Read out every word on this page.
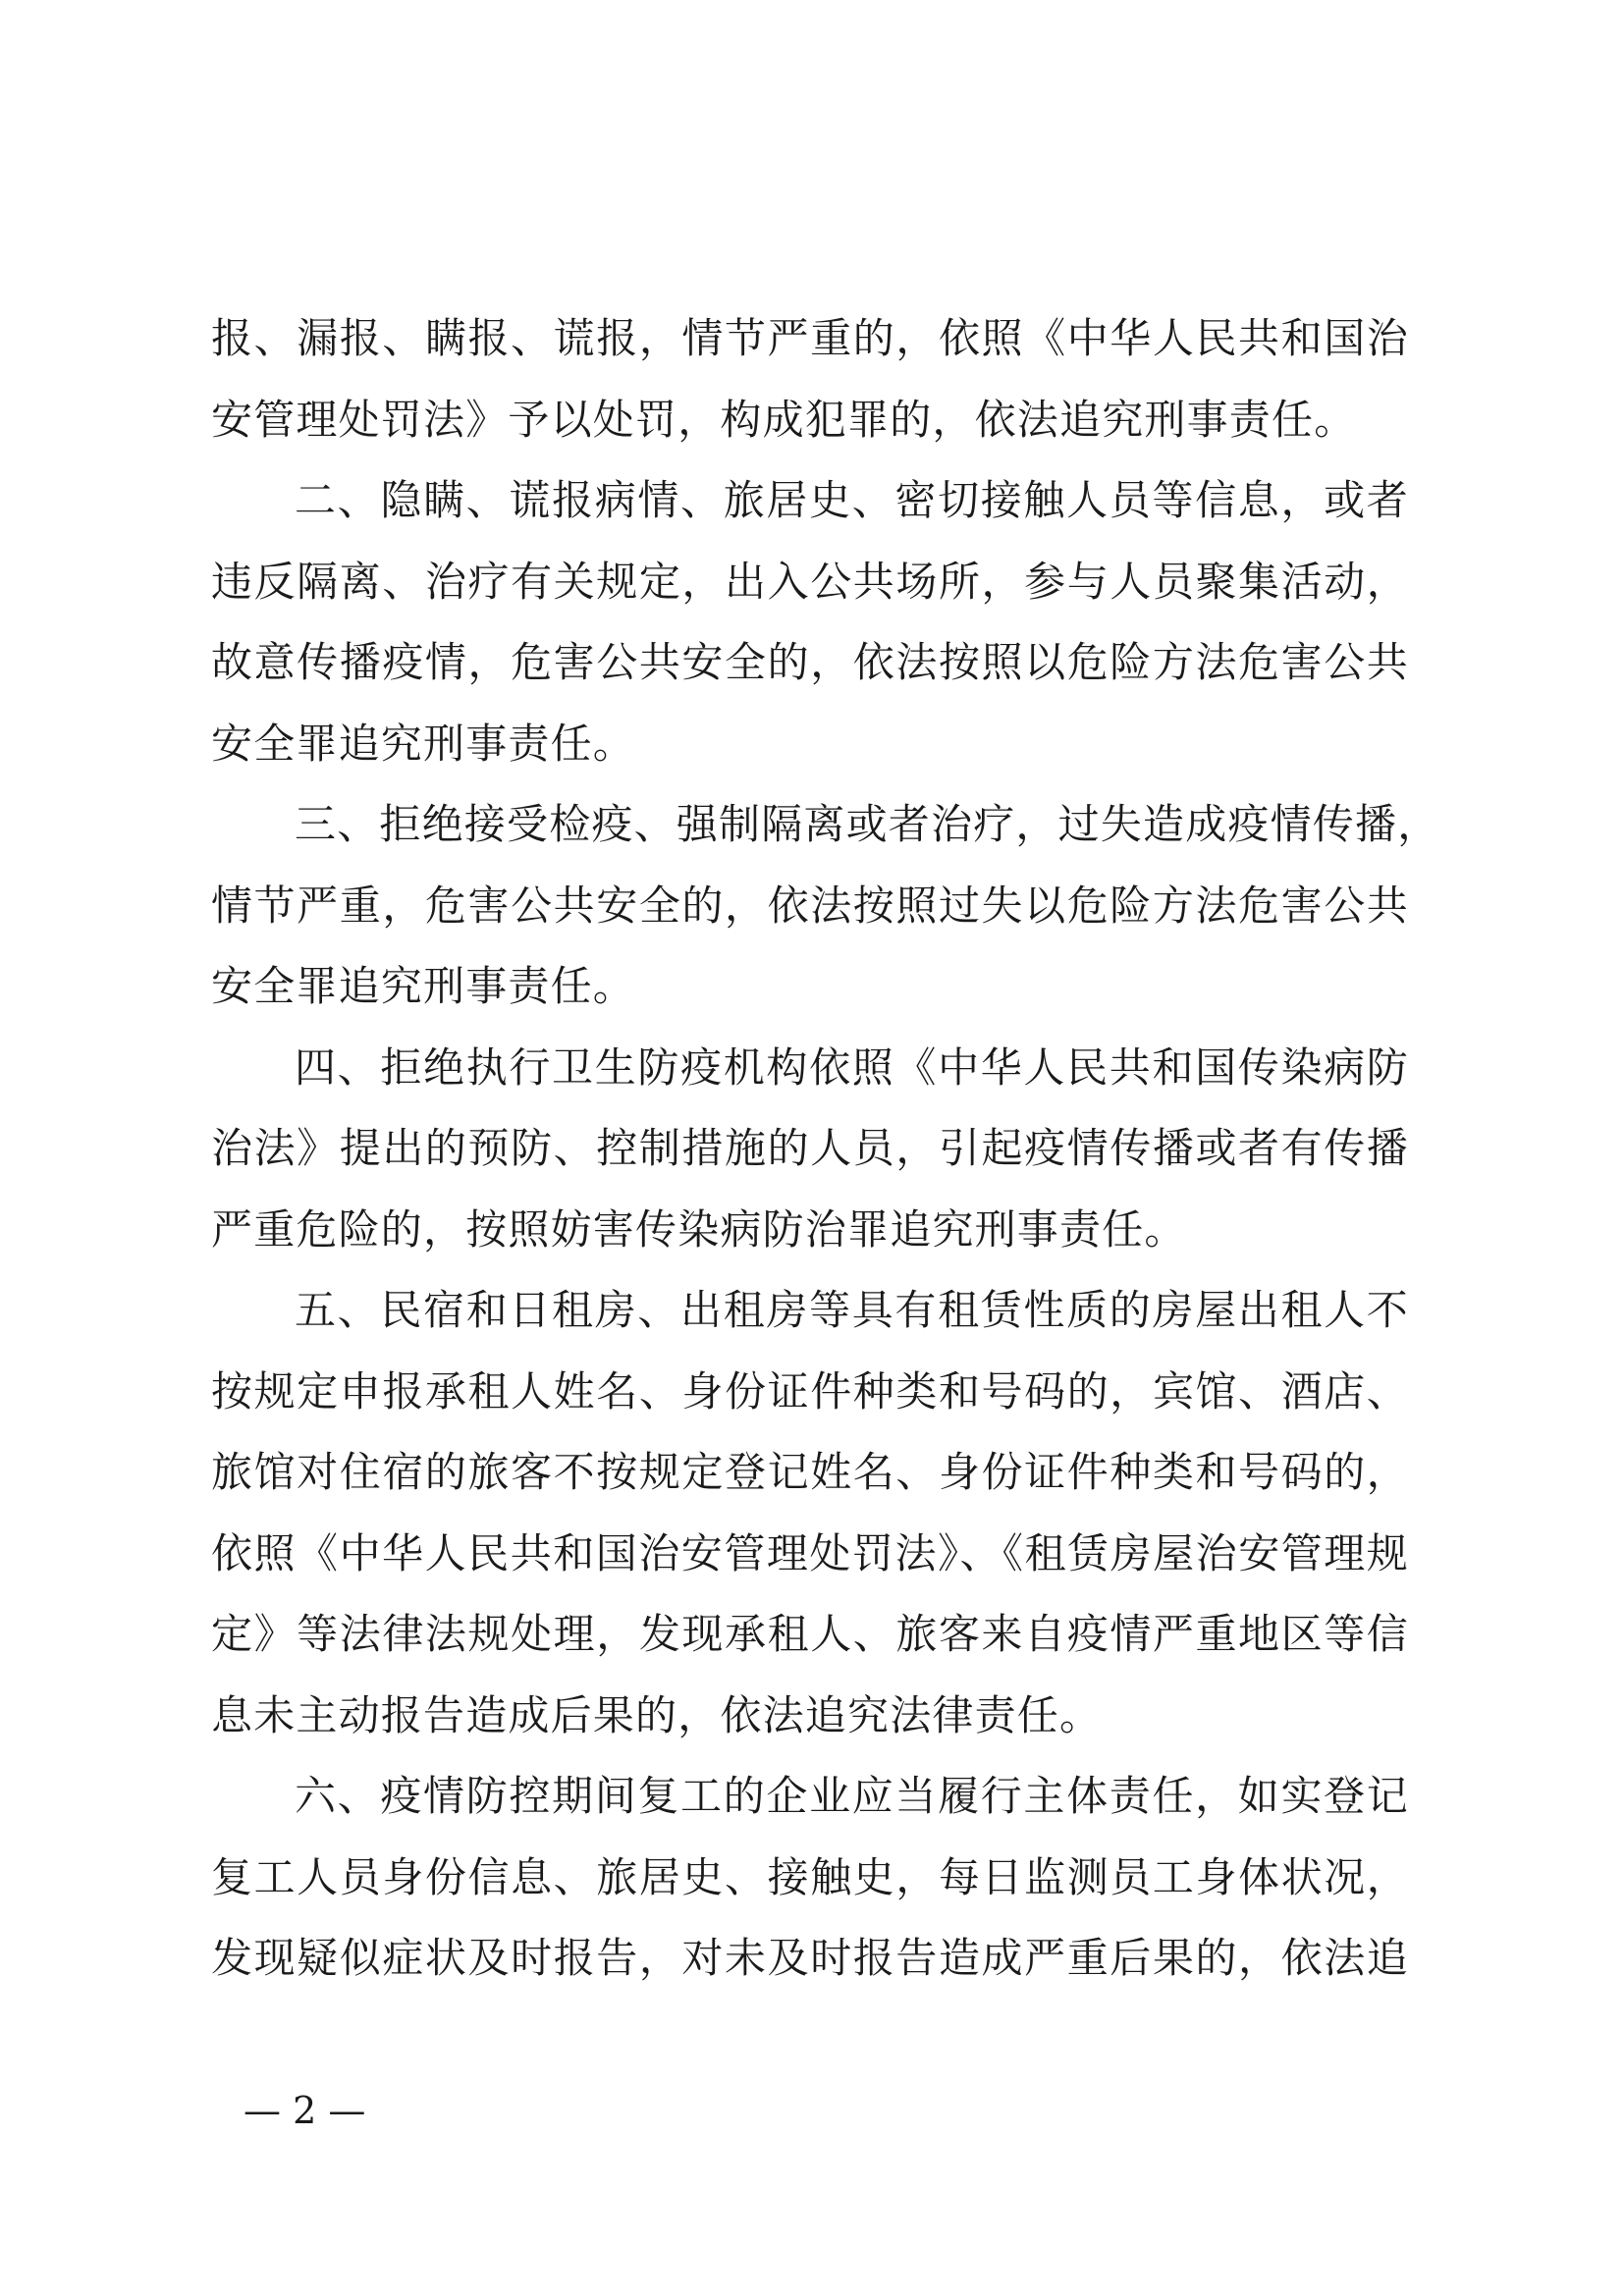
报、漏报、瞒报、谎报，情节严重的，依照《中华人民共和国治
安管理处罚法》予以处罚，构成犯罪的，依法追究刑事责任。
二、隐瞒、谎报病情、旅居史、密切接触人员等信息，或者
违反隔离、治疗有关规定，出入公共场所，参与人员聚集活动，
故意传播疫情，危害公共安全的，依法按照以危险方法危害公共
安全罪追究刑事责任。
三、拒绝接受检疫、强制隔离或者治疗，过失造成疫情传播，
情节严重，危害公共安全的，依法按照过失以危险方法危害公共
安全罪追究刑事责任。
四、拒绝执行卫生防疫机构依照《中华人民共和国传染病防
治法》提出的预防、控制措施的人员，引起疫情传播或者有传播
严重危险的，按照妨害传染病防治罪追究刑事责任。
五、民宿和日租房、出租房等具有租赁性质的房屋出租人不
按规定申报承租人姓名、身份证件种类和号码的，宾馆、酒店、
旅馆对住宿的旅客不按规定登记姓名、身份证件种类和号码的，
依照《中华人民共和国治安管理处罚法》、《租赁房屋治安管理规
定》等法律法规处理，发现承租人、旅客来自疫情严重地区等信
息未主动报告造成后果的，依法追究法律责任。
六、疫情防控期间复工的企业应当履行主体责任，如实登记
复工人员身份信息、旅居史、接触史，每日监测员工身体状况，
发现疑似症状及时报告，对未及时报告造成严重后果的，依法追
— 2 —
